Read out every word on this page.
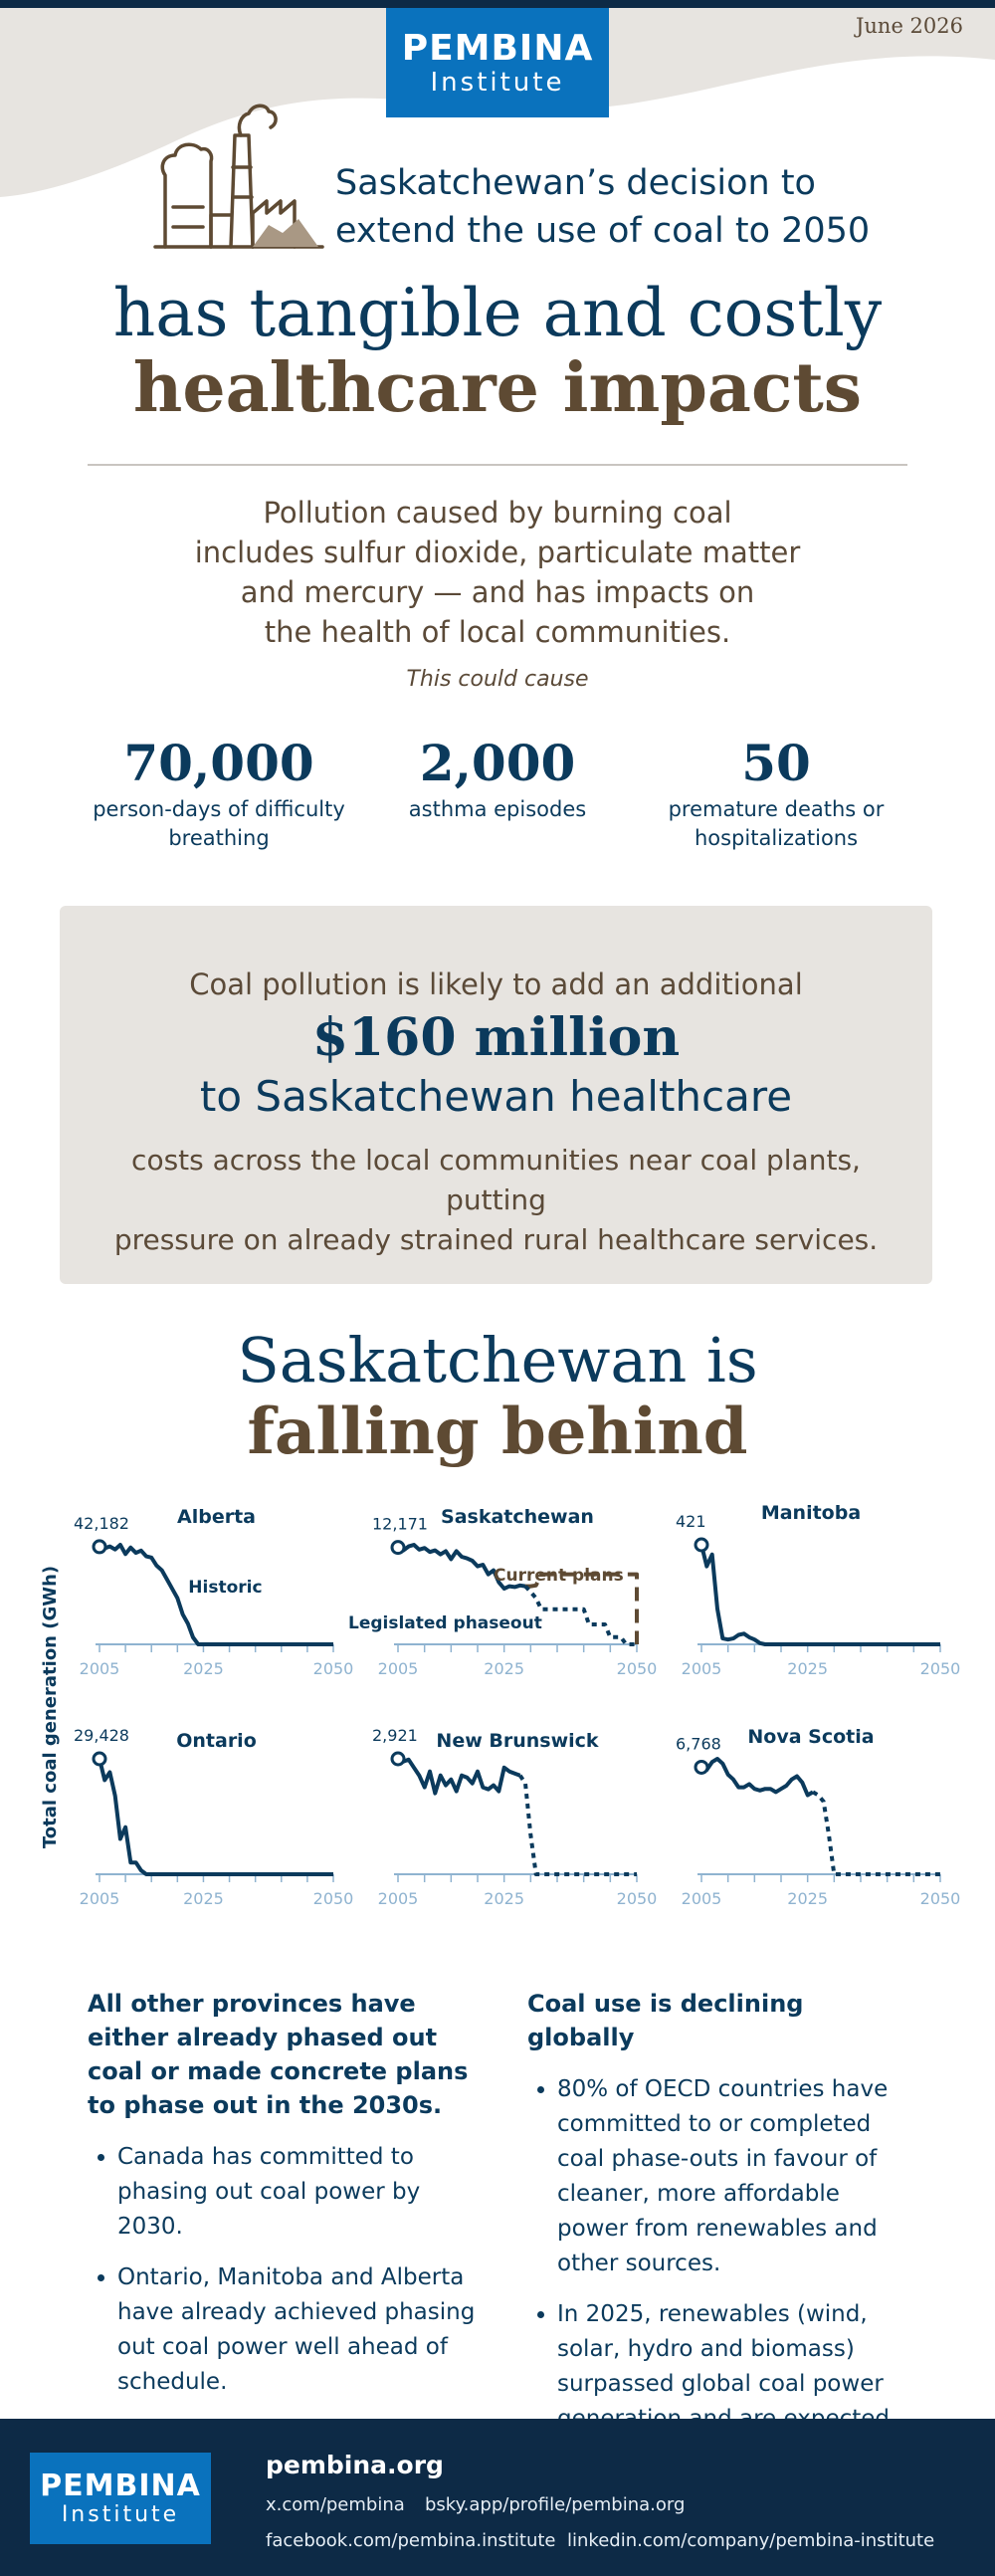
PEMBINA
Institute
June 2026
Saskatchewan’s decision to
extend the use of coal to 2050
has tangible and costly
healthcare impacts
Pollution caused by burning coal
includes sulfur dioxide, particulate matter
and mercury — and has impacts on
the health of local communities.
This could cause
70,000
person-days of difficulty
breathing
2,000
asthma episodes
50
premature deaths or
hospitalizations
Coal pollution is likely to add an additional
$160 million
to Saskatchewan healthcare
costs across the local communities near coal plants, putting
pressure on already strained rural healthcare services.
Saskatchewan is
falling behind
Total coal generation (GWh)
Alberta
2005	2025	2050
42,182
Historic
Saskatchewan
2005	2025	2050
12,171
Current plans
Legislated phaseout
Manitoba
2005	2025	2050
421
Ontario
2005	2025	2050
29,428	New Brunswick
2005	2025	2050
2,921	Nova Scotia
2005	2025	2050
6,768
All other provinces have either already phased out coal or made concrete plans to phase out in the 2030s.
• Canada has committed to phasing out coal power by 2030.
• Ontario, Manitoba and Alberta have already achieved phasing out coal power well ahead of schedule.
Coal use is declining globally
• 80% of OECD countries have committed to or completed coal phase-outs in favour of cleaner, more affordable power from renewables and other sources.
• In 2025, renewables (wind, solar, hydro and biomass) surpassed global coal power
PEMBINA
Institute
pembina.org
x.com/pembina bsky.app/profile/pembina.org
facebook.com/pembina.institute linkedin.com/company/pembina-institute
